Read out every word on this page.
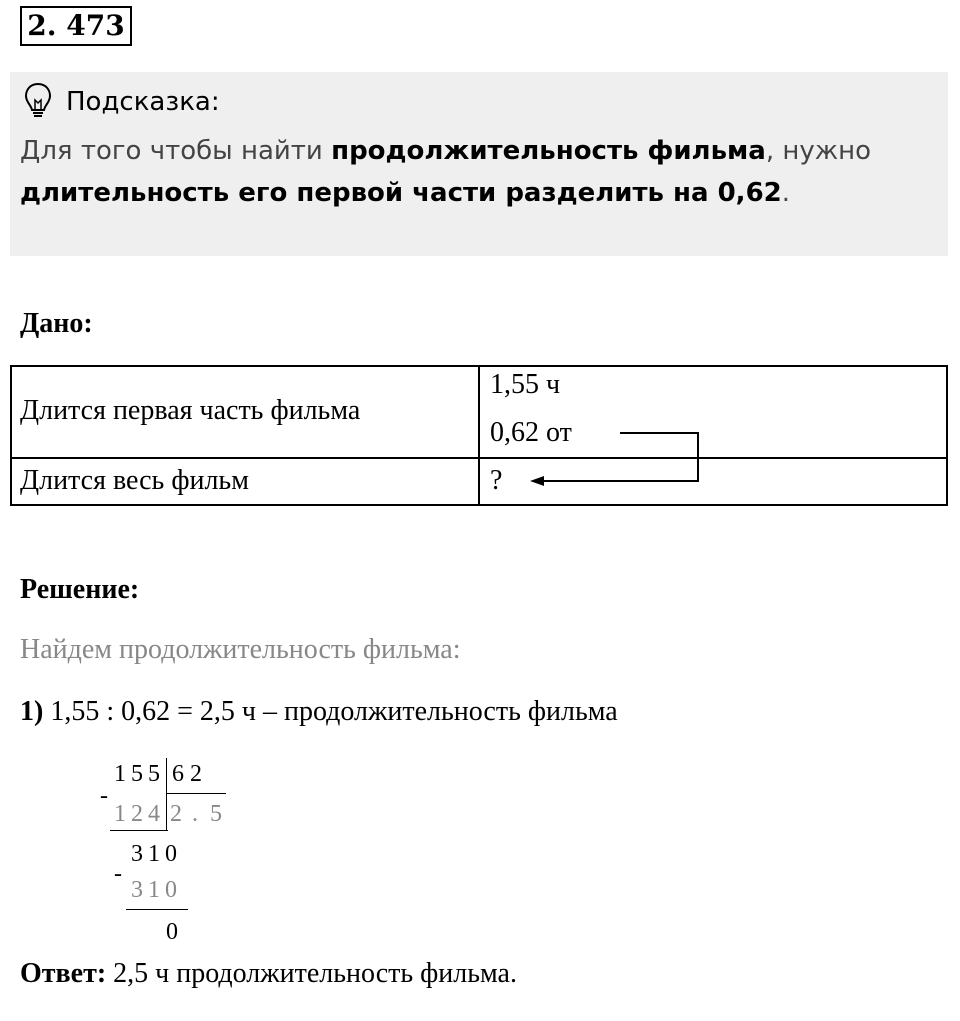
2. 473
Подсказка:
Для того чтобы найти продолжительность фильма, нужно
длительность его первой части разделить на 0,62.
Дано:
Длится первая часть фильма
1,55 ч
0,62 от
Длится весь фильм	?
Решение:
Найдем продолжительность фильма:
1) 1,55 : 0,62 = 2,5 ч – продолжительность фильма
1 5 5 6 2
-
1 2 4 2 . 5
3 1 0
-
3 1 0
0
Ответ: 2,5 ч продолжительность фильма.
